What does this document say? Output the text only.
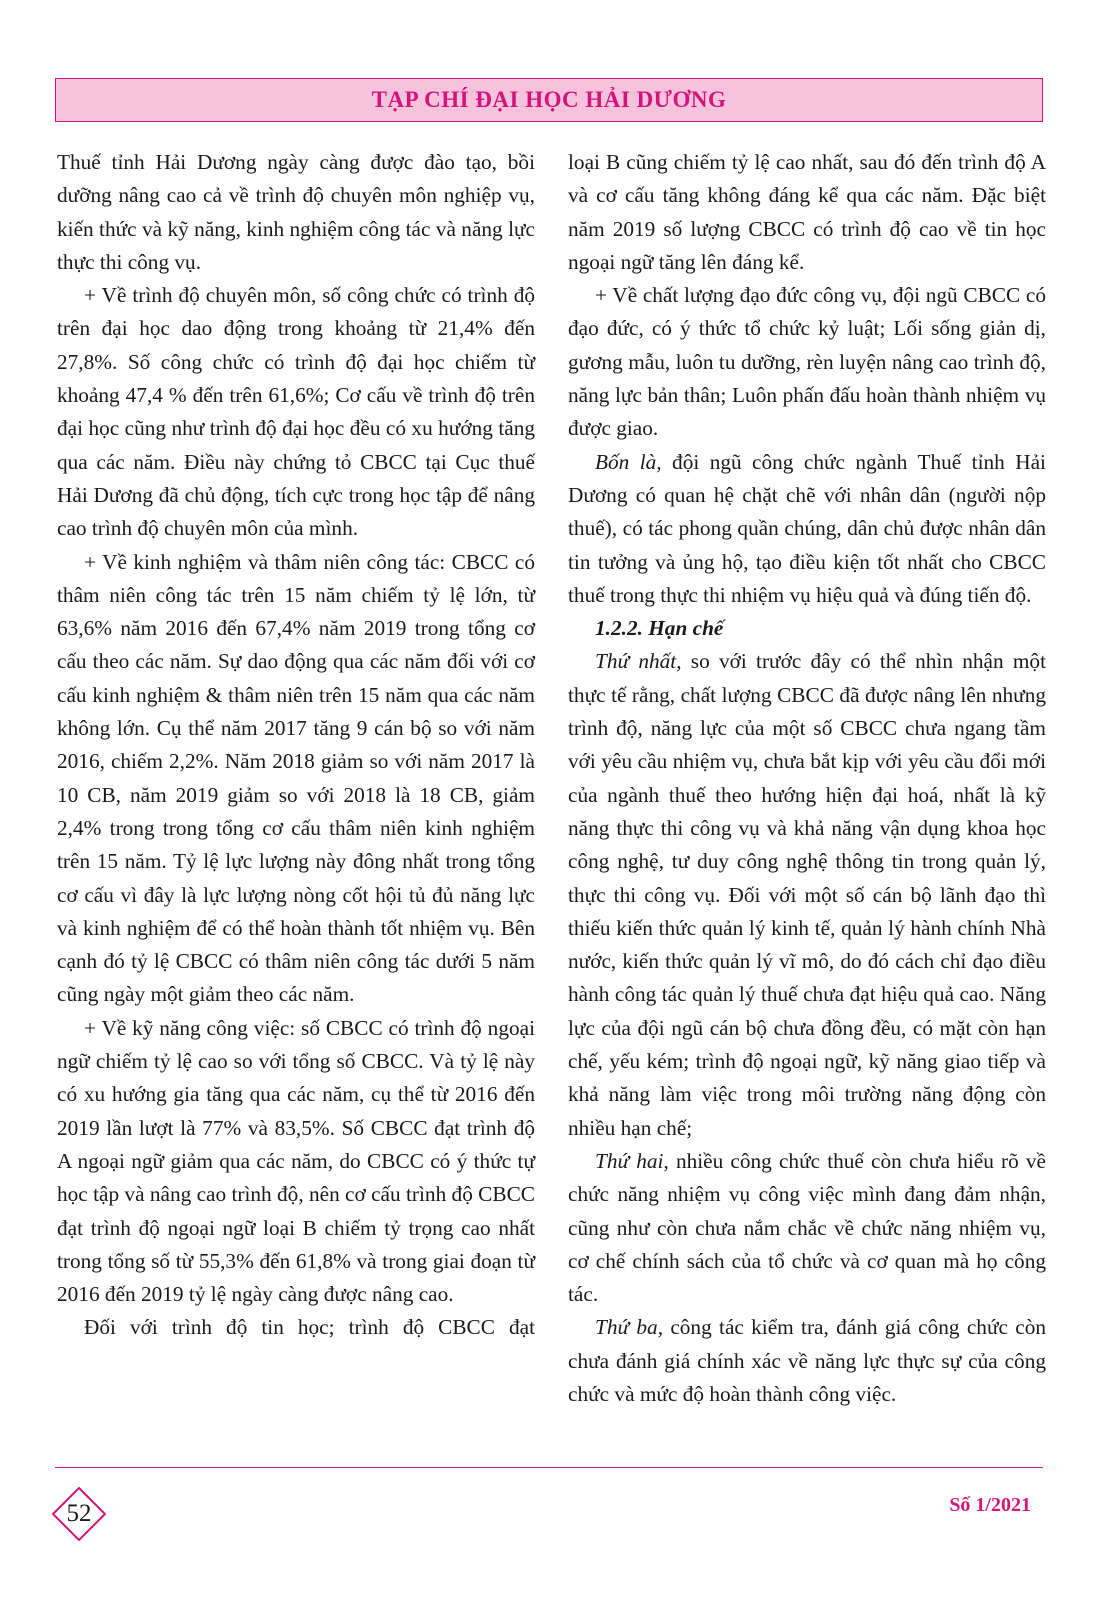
TẠP CHÍ ĐẠI HỌC HẢI DƯƠNG

Thuế tỉnh Hải Dương ngày càng được đào tạo, bồi dưỡng nâng cao cả về trình độ chuyên môn nghiệp vụ, kiến thức và kỹ năng, kinh nghiệm công tác và năng lực thực thi công vụ.

+ Về trình độ chuyên môn, số công chức có trình độ trên đại học dao động trong khoảng từ 21,4% đến 27,8%. Số công chức có trình độ đại học chiếm từ khoảng 47,4 % đến trên 61,6%; Cơ cấu về trình độ trên đại học cũng như trình độ đại học đều có xu hướng tăng qua các năm. Điều này chứng tỏ CBCC tại Cục thuế Hải Dương đã chủ động, tích cực trong học tập để nâng cao trình độ chuyên môn của mình.

+ Về kinh nghiệm và thâm niên công tác: CBCC có thâm niên công tác trên 15 năm chiếm tỷ lệ lớn, từ 63,6% năm 2016 đến 67,4% năm 2019 trong tổng cơ cấu theo các năm. Sự dao động qua các năm đối với cơ cấu kinh nghiệm & thâm niên trên 15 năm qua các năm không lớn. Cụ thể năm 2017 tăng 9 cán bộ so với năm 2016, chiếm 2,2%. Năm 2018 giảm so với năm 2017 là 10 CB, năm 2019 giảm so với 2018 là 18 CB, giảm 2,4% trong trong tổng cơ cấu thâm niên kinh nghiệm trên 15 năm. Tỷ lệ lực lượng này đông nhất trong tổng cơ cấu vì đây là lực lượng nòng cốt hội tủ đủ năng lực và kinh nghiệm để có thể hoàn thành tốt nhiệm vụ. Bên cạnh đó tỷ lệ CBCC có thâm niên công tác dưới 5 năm cũng ngày một giảm theo các năm.

+ Về kỹ năng công việc: số CBCC có trình độ ngoại ngữ chiếm tỷ lệ cao so với tổng số CBCC. Và tỷ lệ này có xu hướng gia tăng qua các năm, cụ thể từ 2016 đến 2019 lần lượt là 77% và 83,5%. Số CBCC đạt trình độ A ngoại ngữ giảm qua các năm, do CBCC có ý thức tự học tập và nâng cao trình độ, nên cơ cấu trình độ CBCC đạt trình độ ngoại ngữ loại B chiếm tỷ trọng cao nhất trong tổng số từ 55,3% đến 61,8% và trong giai đoạn từ 2016 đến 2019 tỷ lệ ngày càng được nâng cao.

Đối với trình độ tin học; trình độ CBCC đạt

loại B cũng chiếm tỷ lệ cao nhất, sau đó đến trình độ A và cơ cấu tăng không đáng kể qua các năm. Đặc biệt năm 2019 số lượng CBCC có trình độ cao về tin học ngoại ngữ tăng lên đáng kể.

+ Về chất lượng đạo đức công vụ, đội ngũ CBCC có đạo đức, có ý thức tổ chức kỷ luật; Lối sống giản dị, gương mẫu, luôn tu dưỡng, rèn luyện nâng cao trình độ, năng lực bản thân; Luôn phấn đấu hoàn thành nhiệm vụ được giao.

Bốn là, đội ngũ công chức ngành Thuế tỉnh Hải Dương có quan hệ chặt chẽ với nhân dân (người nộp thuế), có tác phong quần chúng, dân chủ được nhân dân tin tưởng và ủng hộ, tạo điều kiện tốt nhất cho CBCC thuế trong thực thi nhiệm vụ hiệu quả và đúng tiến độ.

1.2.2. Hạn chế

Thứ nhất, so với trước đây có thể nhìn nhận một thực tế rằng, chất lượng CBCC đã được nâng lên nhưng trình độ, năng lực của một số CBCC chưa ngang tầm với yêu cầu nhiệm vụ, chưa bắt kịp với yêu cầu đổi mới của ngành thuế theo hướng hiện đại hoá, nhất là kỹ năng thực thi công vụ và khả năng vận dụng khoa học công nghệ, tư duy công nghệ thông tin trong quản lý, thực thi công vụ. Đối với một số cán bộ lãnh đạo thì thiếu kiến thức quản lý kinh tế, quản lý hành chính Nhà nước, kiến thức quản lý vĩ mô, do đó cách chỉ đạo điều hành công tác quản lý thuế chưa đạt hiệu quả cao. Năng lực của đội ngũ cán bộ chưa đồng đều, có mặt còn hạn chế, yếu kém; trình độ ngoại ngữ, kỹ năng giao tiếp và khả năng làm việc trong môi trường năng động còn nhiều hạn chế;

Thứ hai, nhiều công chức thuế còn chưa hiểu rõ về chức năng nhiệm vụ công việc mình đang đảm nhận, cũng như còn chưa nắm chắc về chức năng nhiệm vụ, cơ chế chính sách của tổ chức và cơ quan mà họ công tác.

Thứ ba, công tác kiểm tra, đánh giá công chức còn chưa đánh giá chính xác về năng lực thực sự của công chức và mức độ hoàn thành công việc.

52	Số 1/2021
